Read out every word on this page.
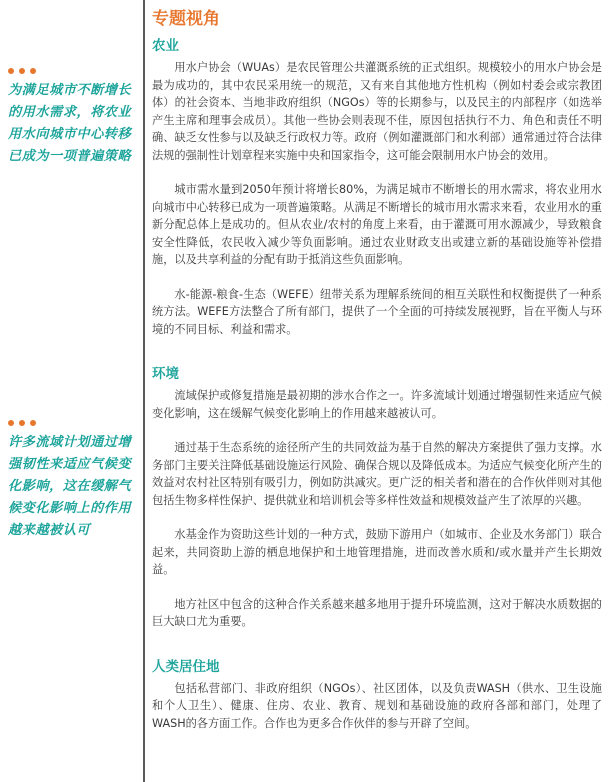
为满足城市不断增长的用水需求，将农业用水向城市中心转移已成为一项普遍策略
许多流域计划通过增强韧性来适应气候变化影响，这在缓解气候变化影响上的作用越来越被认可
专题视角
农业

用水户协会（WUAs）是农民管理公共灌溉系统的正式组织。规模较小的用水户协会是最为成功的，其中农民采用统一的规范，又有来自其他地方性机构（例如村委会或宗教团体）的社会资本、当地非政府组织（NGOs）等的长期参与，以及民主的内部程序（如选举产生主席和理事会成员）。其他一些协会则表现不佳，原因包括执行不力、角色和责任不明确、缺乏女性参与以及缺乏行政权力等。政府（例如灌溉部门和水利部）通常通过符合法律法规的强制性计划章程来实施中央和国家指令，这可能会限制用水户协会的效用。

城市需水量到2050年预计将增长80%，为满足城市不断增长的用水需求，将农业用水向城市中心转移已成为一项普遍策略。从满足不断增长的城市用水需求来看，农业用水的重新分配总体上是成功的。但从农业/农村的角度上来看，由于灌溉可用水源减少，导致粮食安全性降低，农民收入减少等负面影响。通过农业财政支出或建立新的基础设施等补偿措施，以及共享利益的分配有助于抵消这些负面影响。

水-能源-粮食-生态（WEFE）纽带关系为理解系统间的相互关联性和权衡提供了一种系统方法。WEFE方法整合了所有部门，提供了一个全面的可持续发展视野，旨在平衡人与环境的不同目标、利益和需求。

环境

流域保护或修复措施是最初期的涉水合作之一。许多流域计划通过增强韧性来适应气候变化影响，这在缓解气候变化影响上的作用越来越被认可。

通过基于生态系统的途径所产生的共同效益为基于自然的解决方案提供了强力支撑。水务部门主要关注降低基础设施运行风险、确保合规以及降低成本。为适应气候变化所产生的效益对农村社区特别有吸引力，例如防洪减灾。更广泛的相关者和潜在的合作伙伴则对其他包括生物多样性保护、提供就业和培训机会等多样性效益和规模效益产生了浓厚的兴趣。

水基金作为资助这些计划的一种方式，鼓励下游用户（如城市、企业及水务部门）联合起来，共同资助上游的栖息地保护和土地管理措施，进而改善水质和/或水量并产生长期效益。

地方社区中包含的这种合作关系越来越多地用于提升环境监测，这对于解决水质数据的巨大缺口尤为重要。

人类居住地

包括私营部门、非政府组织（NGOs）、社区团体，以及负责WASH（供水、卫生设施和个人卫生）、健康、住房、农业、教育、规划和基础设施的政府各部和部门，处理了WASH的各方面工作。合作也为更多合作伙伴的参与开辟了空间。
